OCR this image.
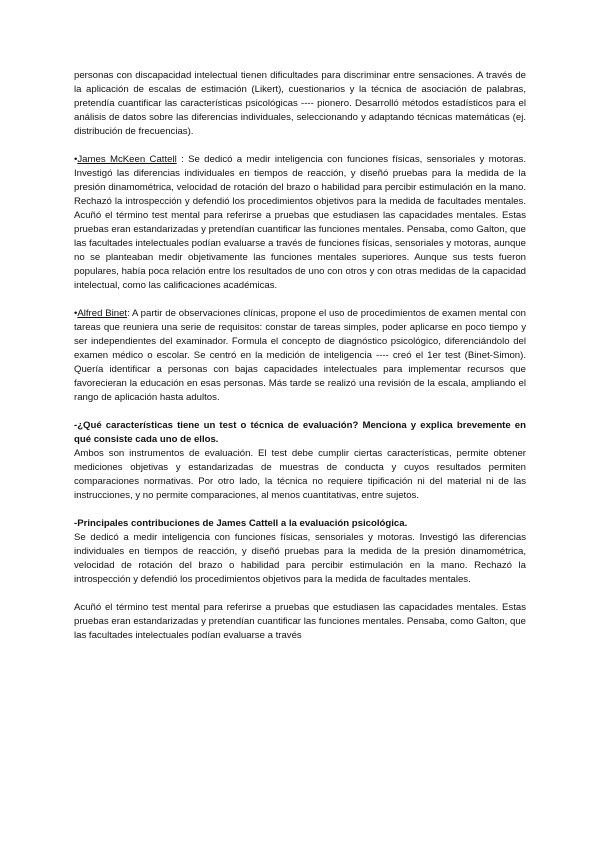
personas con discapacidad intelectual tienen dificultades para discriminar entre sensaciones. A través de la aplicación de escalas de estimación (Likert), cuestionarios y la técnica de asociación de palabras, pretendía cuantificar las características psicológicas ---- pionero. Desarrolló métodos estadísticos para el análisis de datos sobre las diferencias individuales, seleccionando y adaptando técnicas matemáticas (ej. distribución de frecuencias).

•James McKeen Cattell : Se dedicó a medir inteligencia con funciones físicas, sensoriales y motoras. Investigó las diferencias individuales en tiempos de reacción, y diseñó pruebas para la medida de la presión dinamométrica, velocidad de rotación del brazo o habilidad para percibir estimulación en la mano. Rechazó la introspección y defendió los procedimientos objetivos para la medida de facultades mentales. Acuñó el término test mental para referirse a pruebas que estudiasen las capacidades mentales. Estas pruebas eran estandarizadas y pretendían cuantificar las funciones mentales. Pensaba, como Galton, que las facultades intelectuales podían evaluarse a través de funciones físicas, sensoriales y motoras, aunque no se planteaban medir objetivamente las funciones mentales superiores. Aunque sus tests fueron populares, había poca relación entre los resultados de uno con otros y con otras medidas de la capacidad intelectual, como las calificaciones académicas.

•Alfred Binet: A partir de observaciones clínicas, propone el uso de procedimientos de examen mental con tareas que reuniera una serie de requisitos: constar de tareas simples, poder aplicarse en poco tiempo y ser independientes del examinador. Formula el concepto de diagnóstico psicológico, diferenciándolo del examen médico o escolar. Se centró en la medición de inteligencia ---- creó el 1er test (Binet-Simon). Quería identificar a personas con bajas capacidades intelectuales para implementar recursos que favorecieran la educación en esas personas. Más tarde se realizó una revisión de la escala, ampliando el rango de aplicación hasta adultos.

-¿Qué características tiene un test o técnica de evaluación? Menciona y explica brevemente en qué consiste cada uno de ellos.

Ambos son instrumentos de evaluación. El test debe cumplir ciertas características, permite obtener mediciones objetivas y estandarizadas de muestras de conducta y cuyos resultados permiten comparaciones normativas. Por otro lado, la técnica no requiere tipificación ni del material ni de las instrucciones, y no permite comparaciones, al menos cuantitativas, entre sujetos.

-Principales contribuciones de James Cattell a la evaluación psicológica.

Se dedicó a medir inteligencia con funciones físicas, sensoriales y motoras. Investigó las diferencias individuales en tiempos de reacción, y diseñó pruebas para la medida de la presión dinamométrica, velocidad de rotación del brazo o habilidad para percibir estimulación en la mano. Rechazó la introspección y defendió los procedimientos objetivos para la medida de facultades mentales.

Acuñó el término test mental para referirse a pruebas que estudiasen las capacidades mentales. Estas pruebas eran estandarizadas y pretendían cuantificar las funciones mentales. Pensaba, como Galton, que las facultades intelectuales podían evaluarse a través
